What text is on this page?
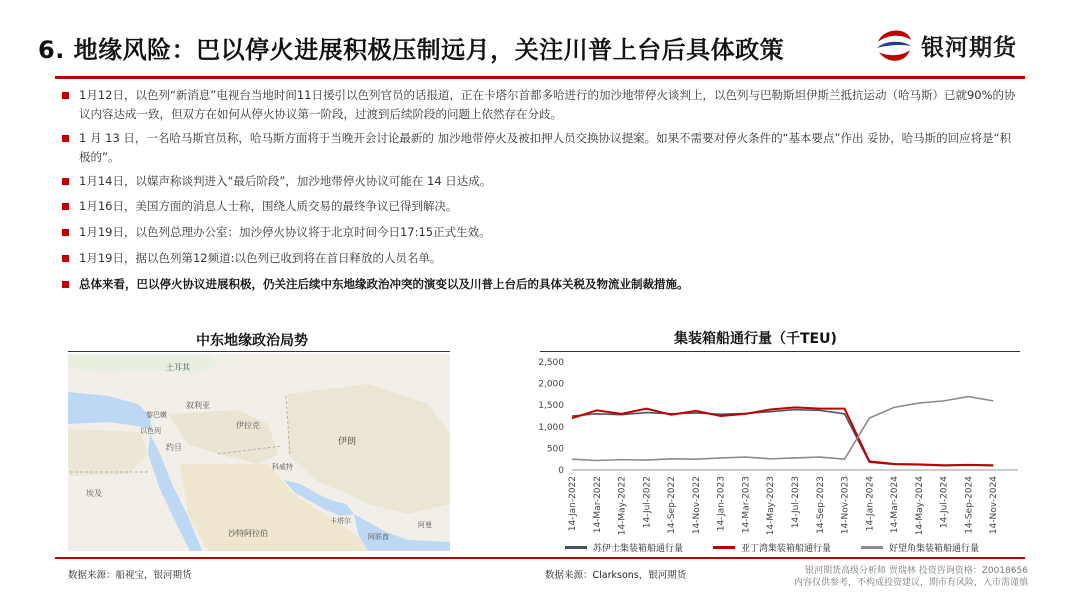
6. 地缘风险：巴以停火进展积极压制远月，关注川普上台后具体政策	银河期货
1月12日，以色列“新消息”电视台当地时间11日援引以色列官员的话报道，正在卡塔尔首都多哈进行的加沙地带停火谈判上，以色列与巴勒斯坦伊斯兰抵抗运动（哈马斯）已就90%的协议内容达成一致，但双方在如何从停火协议第一阶段，过渡到后续阶段的问题上依然存在分歧。
1 月 13 日，一名哈马斯官员称，哈马斯方面将于当晚开会讨论最新的 加沙地带停火及被扣押人员交换协议提案。如果不需要对停火条件的“基本要点”作出 妥协，哈马斯的回应将是“积极的”。
1月14日，以媒声称谈判进入“最后阶段”，加沙地带停火协议可能在 14 日达成。
1月16日，美国方面的消息人士称，围绕人质交易的最终争议已得到解决。
1月19日，以色列总理办公室：加沙停火协议将于北京时间今日17:15正式生效。
1月19日，据以色列第12频道:以色列已收到将在首日释放的人员名单。
总体来看，巴以停火协议进展积极，仍关注后续中东地缘政治冲突的演变以及川普上台后的具体关税及物流业制裁措施。
中东地缘政治局势
土耳其
叙利亚
黎巴嫩
以色列
约旦
伊拉克
伊朗
科威特
埃及
沙特阿拉伯
卡塔尔
阿联酋
阿曼
集装箱船通行量（千TEU)
0
500
1,000
1,500
2,000
2,500
14-Jan-2022 14-Mar-2022 14-May-2022 14-Jul-2022 14-Sep-2022 14-Nov-2022 14-Jan-2023 14-Mar-2023 14-May-2023 14-Jul-2023 14-Sep-2023 14-Nov-2023 14-Jan-2024 14-Mar-2024 14-May-2024 14-Jul-2024 14-Sep-2024 14-Nov-2024
苏伊士集装箱船通行量	亚丁湾集装箱船通行量	好望角集装箱船通行量
数据来源：船视宝，银河期货	数据来源：Clarksons，银河期货	银河期货高级分析师 贾瑞林 投资咨询资格：Z0018656
内容仅供参考，不构成投资建议，期市有风险，入市需谨慎
